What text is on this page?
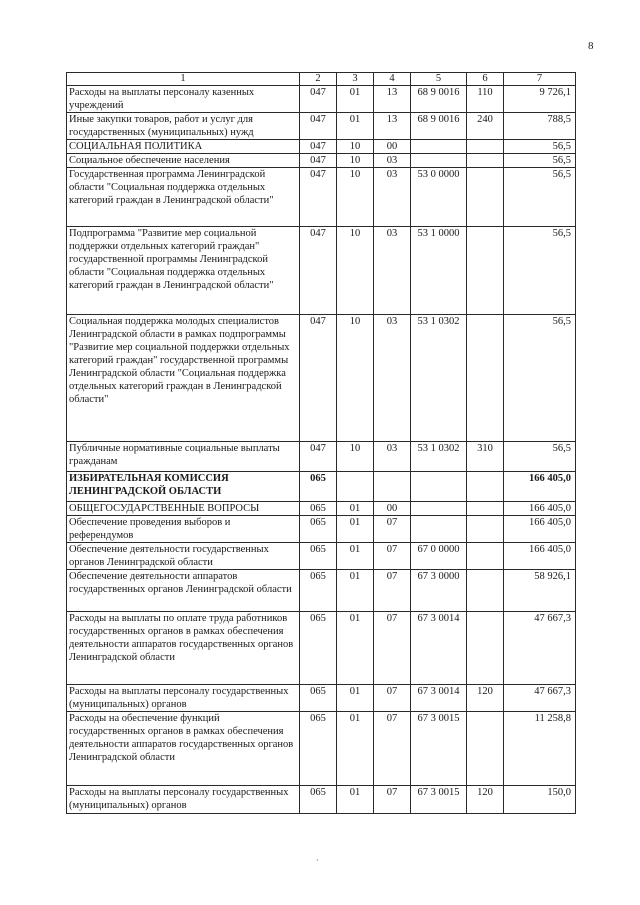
8
1	2	3	4	5	6	7
Расходы на выплаты персоналу казенных учреждений	047	01	13	68 9 0016	110	9 726,1
Иные закупки товаров, работ и услуг для государственных (муниципальных) нужд	047	01	13	68 9 0016	240	788,5
СОЦИАЛЬНАЯ ПОЛИТИКА	047	10	00			56,5
Социальное обеспечение населения	047	10	03			56,5
Государственная программа Ленинградской области "Социальная поддержка отдельных категорий граждан в Ленинградской области"	047	10	03	53 0 0000		56,5
Подпрограмма "Развитие мер социальной поддержки отдельных категорий граждан" государственной программы Ленинградской области "Социальная поддержка отдельных категорий граждан в Ленинградской области"	047	10	03	53 1 0000		56,5
Социальная поддержка молодых специалистов Ленинградской области в рамках подпрограммы "Развитие мер социальной поддержки отдельных категорий граждан" государственной программы Ленинградской области "Социальная поддержка отдельных категорий граждан в Ленинградской области"	047	10	03	53 1 0302		56,5
Публичные нормативные социальные выплаты гражданам	047	10	03	53 1 0302	310	56,5
ИЗБИРАТЕЛЬНАЯ КОМИССИЯ ЛЕНИНГРАДСКОЙ ОБЛАСТИ	065					166 405,0
ОБЩЕГОСУДАРСТВЕННЫЕ ВОПРОСЫ	065	01	00			166 405,0
Обеспечение проведения выборов и референдумов	065	01	07			166 405,0
Обеспечение деятельности государственных органов Ленинградской области	065	01	07	67 0 0000		166 405,0
Обеспечение деятельности аппаратов государственных органов Ленинградской области	065	01	07	67 3 0000		58 926,1
Расходы на выплаты по оплате труда работников государственных органов в рамках обеспечения деятельности аппаратов государственных органов Ленинградской области	065	01	07	67 3 0014		47 667,3
Расходы на выплаты персоналу государственных (муниципальных) органов	065	01	07	67 3 0014	120	47 667,3
Расходы на обеспечение функций государственных органов в рамках обеспечения деятельности аппаратов государственных органов Ленинградской области	065	01	07	67 3 0015		11 258,8
Расходы на выплаты персоналу государственных (муниципальных) органов	065	01	07	67 3 0015	120	150,0
`
